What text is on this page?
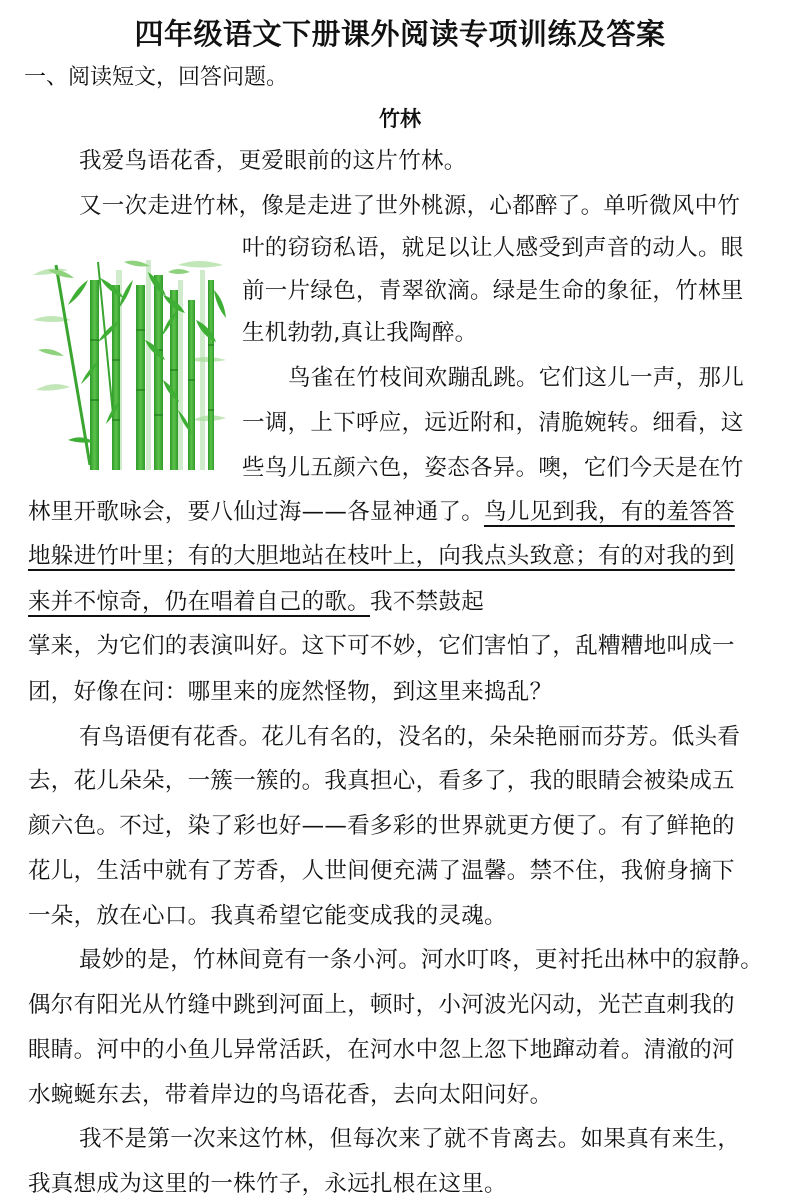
四年级语文下册课外阅读专项训练及答案
一、阅读短文，回答问题。
竹林
我爱鸟语花香，更爱眼前的这片竹林。
又一次走进竹林，像是走进了世外桃源，心都醉了。单听微风中竹
叶的窃窃私语，就足以让人感受到声音的动人。眼
前一片绿色，青翠欲滴。绿是生命的象征，竹林里
生机勃勃,真让我陶醉。
鸟雀在竹枝间欢蹦乱跳。它们这儿一声，那儿
一调，上下呼应，远近附和，清脆婉转。细看，这
些鸟儿五颜六色，姿态各异。噢，它们今天是在竹
林里开歌咏会，要八仙过海——各显神通了。鸟儿见到我，有的羞答答
地躲进竹叶里；有的大胆地站在枝叶上，向我点头致意；有的对我的到
来并不惊奇，仍在唱着自己的歌。我不禁鼓起
掌来，为它们的表演叫好。这下可不妙，它们害怕了，乱糟糟地叫成一
团，好像在问：哪里来的庞然怪物，到这里来捣乱？
有鸟语便有花香。花儿有名的，没名的，朵朵艳丽而芬芳。低头看
去，花儿朵朵，一簇一簇的。我真担心，看多了，我的眼睛会被染成五
颜六色。不过，染了彩也好——看多彩的世界就更方便了。有了鲜艳的
花儿，生活中就有了芳香，人世间便充满了温馨。禁不住，我俯身摘下
一朵，放在心口。我真希望它能变成我的灵魂。
最妙的是，竹林间竟有一条小河。河水叮咚，更衬托出林中的寂静。
偶尔有阳光从竹缝中跳到河面上，顿时，小河波光闪动，光芒直刺我的
眼睛。河中的小鱼儿异常活跃，在河水中忽上忽下地蹿动着。清澈的河
水蜿蜒东去，带着岸边的鸟语花香，去向太阳问好。
我不是第一次来这竹林，但每次来了就不肯离去。如果真有来生，
我真想成为这里的一株竹子，永远扎根在这里。
